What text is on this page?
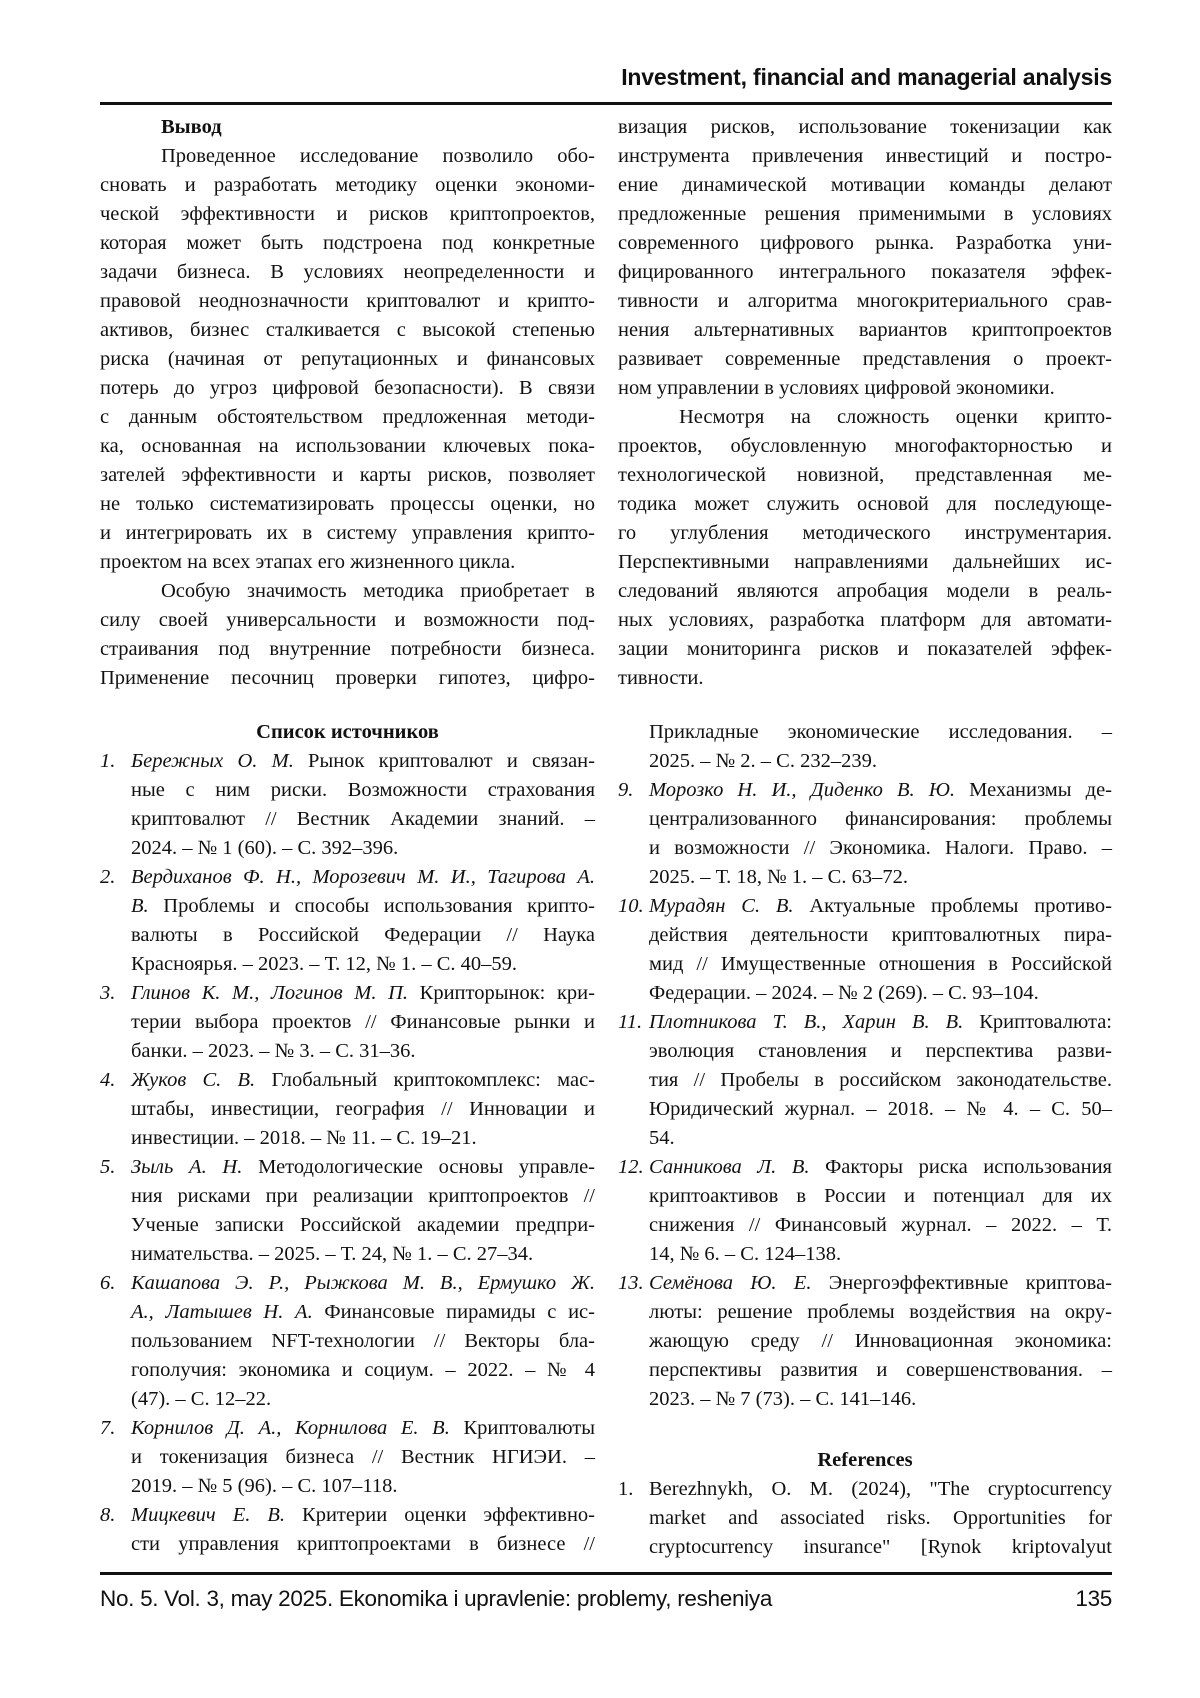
Investment, financial and managerial analysis
Вывод
Проведенное исследование позволило обо-
сновать и разработать методику оценки экономи-
ческой эффективности и рисков криптопроектов,
которая может быть подстроена под конкретные
задачи бизнеса. В условиях неопределенности и
правовой неоднозначности криптовалют и крипто-
активов, бизнес сталкивается с высокой степенью
риска (начиная от репутационных и финансовых
потерь до угроз цифровой безопасности). В связи
с данным обстоятельством предложенная методи-
ка, основанная на использовании ключевых пока-
зателей эффективности и карты рисков, позволяет
не только систематизировать процессы оценки, но
и интегрировать их в систему управления крипто-
проектом на всех этапах его жизненного цикла.
Особую значимость методика приобретает в
силу своей универсальности и возможности под-
страивания под внутренние потребности бизнеса.
Применение песочниц проверки гипотез, цифро-
Список источников
1. Бережных О. М. Рынок криптовалют и связан-
ные с ним риски. Возможности страхования
криптовалют // Вестник Академии знаний. –
2024. – № 1 (60). – С. 392–396.
2. Вердиханов Ф. Н., Морозевич М. И., Тагирова А.
В. Проблемы и способы использования крипто-
валюты в Российской Федерации // Наука
Красноярья. – 2023. – Т. 12, № 1. – С. 40–59.
3. Глинов К. М., Логинов М. П. Крипторынок: кри-
терии выбора проектов // Финансовые рынки и
банки. – 2023. – № 3. – С. 31–36.
4. Жуков С. В. Глобальный криптокомплекс: мас-
штабы, инвестиции, география // Инновации и
инвестиции. – 2018. – № 11. – С. 19–21.
5. Зыль А. Н. Методологические основы управле-
ния рисками при реализации криптопроектов //
Ученые записки Российской академии предпри-
нимательства. – 2025. – Т. 24, № 1. – С. 27–34.
6. Кашапова Э. Р., Рыжкова М. В., Ермушко Ж.
А., Латышев Н. А. Финансовые пирамиды с ис-
пользованием NFT-технологии // Векторы бла-
гополучия: экономика и социум. – 2022. – № 4
(47). – С. 12–22.
7. Корнилов Д. А., Корнилова Е. В. Криптовалюты
и токенизация бизнеса // Вестник НГИЭИ. –
2019. – № 5 (96). – С. 107–118.
8. Мицкевич Е. В. Критерии оценки эффективно-
сти управления криптопроектами в бизнесе //
визация рисков, использование токенизации как
инструмента привлечения инвестиций и постро-
ение динамической мотивации команды делают
предложенные решения применимыми в условиях
современного цифрового рынка. Разработка уни-
фицированного интегрального показателя эффек-
тивности и алгоритма многокритериального срав-
нения альтернативных вариантов криптопроектов
развивает современные представления о проект-
ном управлении в условиях цифровой экономики.
Несмотря на сложность оценки крипто-
проектов, обусловленную многофакторностью и
технологической новизной, представленная ме-
тодика может служить основой для последующе-
го углубления методического инструментария.
Перспективными направлениями дальнейших ис-
следований являются апробация модели в реаль-
ных условиях, разработка платформ для автомати-
зации мониторинга рисков и показателей эффек-
тивности.
Прикладные экономические исследования. –
2025. – № 2. – С. 232–239.
9. Морозко Н. И., Диденко В. Ю. Механизмы де-
централизованного финансирования: проблемы
и возможности // Экономика. Налоги. Право. –
2025. – Т. 18, № 1. – С. 63–72.
10. Мурадян С. В. Актуальные проблемы противо-
действия деятельности криптовалютных пира-
мид // Имущественные отношения в Российской
Федерации. – 2024. – № 2 (269). – С. 93–104.
11. Плотникова Т. В., Харин В. В. Криптовалюта:
эволюция становления и перспектива разви-
тия // Пробелы в российском законодательстве.
Юридический журнал. – 2018. – № 4. – С. 50–
54.
12. Санникова Л. В. Факторы риска использования
криптоактивов в России и потенциал для их
снижения // Финансовый журнал. – 2022. – Т.
14, № 6. – С. 124–138.
13. Семёнова Ю. Е. Энергоэффективные криптова-
люты: решение проблемы воздействия на окру-
жающую среду // Инновационная экономика:
перспективы развития и совершенствования. –
2023. – № 7 (73). – С. 141–146.
References
1. Berezhnykh, O. M. (2024), "The cryptocurrency
market and associated risks. Opportunities for
cryptocurrency insurance" [Rynok kriptovalyut
No. 5. Vol. 3, may 2025. Ekonomika i upravlenie: problemy, resheniya	135
